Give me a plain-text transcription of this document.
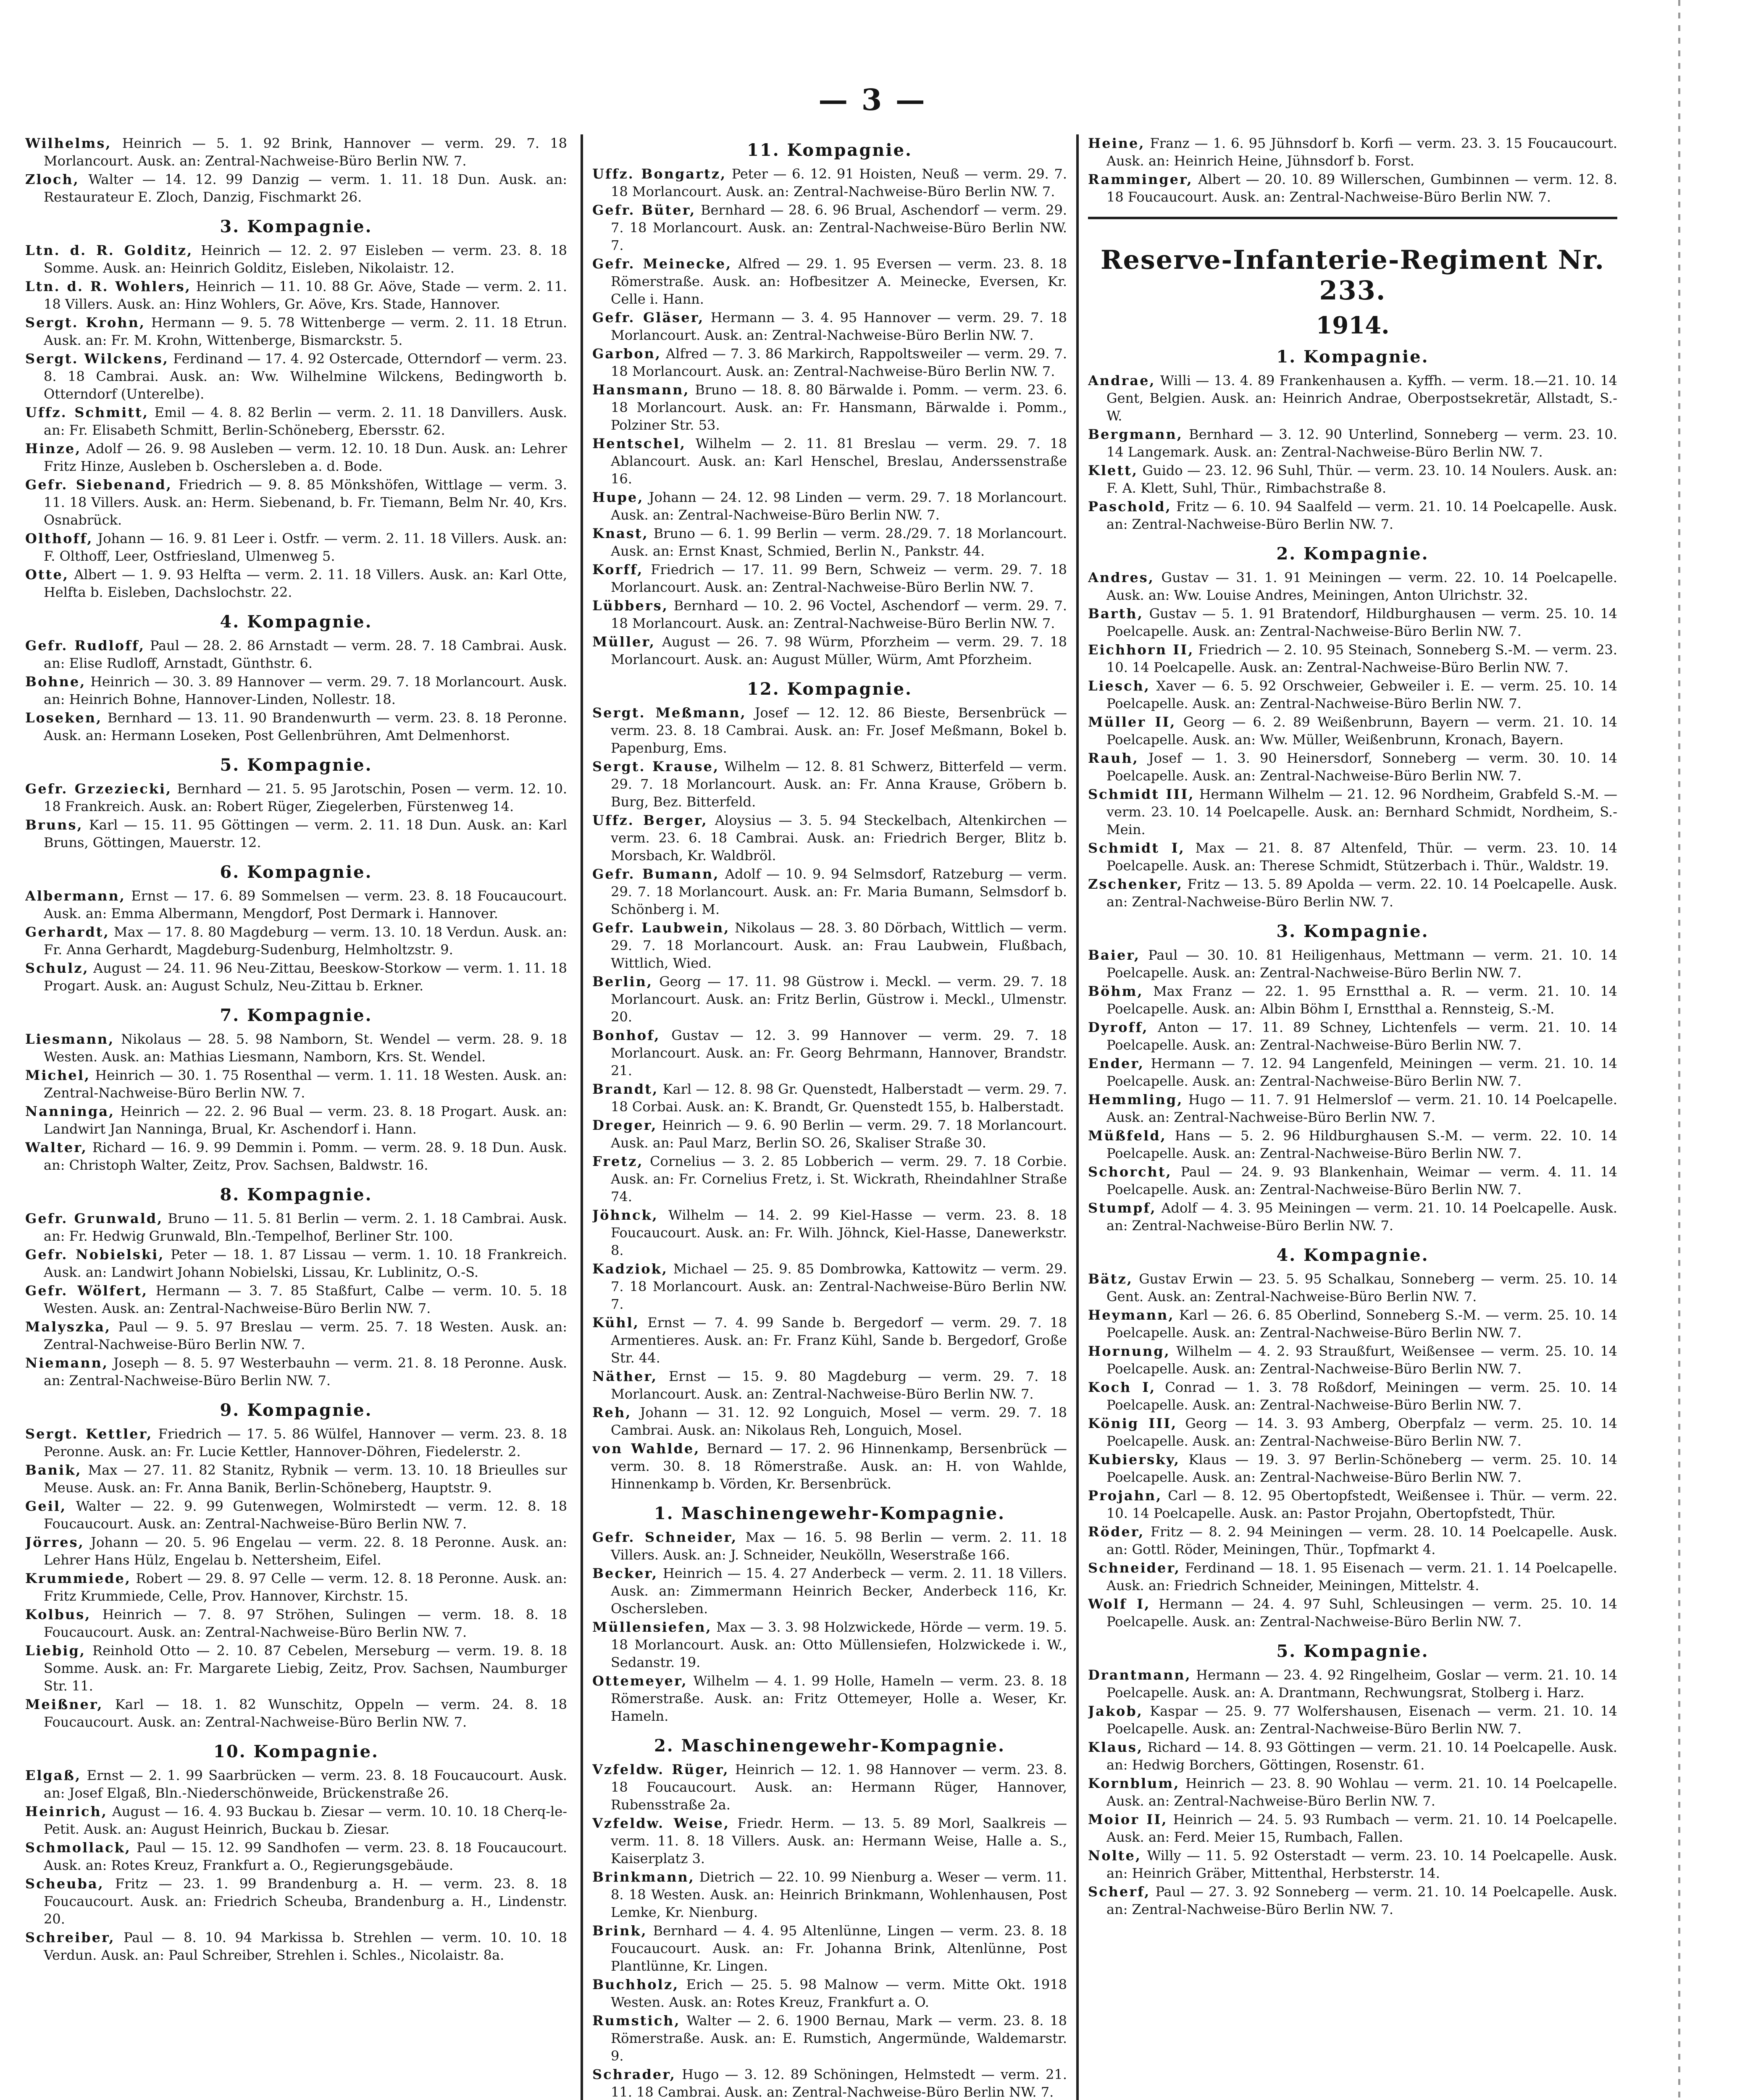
— 3 —

Wilhelms, Heinrich — 5. 1. 92 Brink, Hannover — verm. 29. 7. 18 Morlancourt. Ausk. an: Zentral-Nachweise-Büro Berlin NW. 7.

Zloch, Walter — 14. 12. 99 Danzig — verm. 1. 11. 18 Dun. Ausk. an: Restaurateur E. Zloch, Danzig, Fischmarkt 26.

3. Kompagnie.

Ltn. d. R. Golditz, Heinrich — 12. 2. 97 Eisleben — verm. 23. 8. 18 Somme. Ausk. an: Heinrich Golditz, Eisleben, Nikolaistr. 12.

Ltn. d. R. Wohlers, Heinrich — 11. 10. 88 Gr. Aöve, Stade — verm. 2. 11. 18 Villers. Ausk. an: Hinz Wohlers, Gr. Aöve, Krs. Stade, Hannover.

Sergt. Krohn, Hermann — 9. 5. 78 Wittenberge — verm. 2. 11. 18 Etrun. Ausk. an: Fr. M. Krohn, Wittenberge, Bismarckstr. 5.

Sergt. Wilckens, Ferdinand — 17. 4. 92 Ostercade, Otterndorf — verm. 23. 8. 18 Cambrai. Ausk. an: Ww. Wilhelmine Wilckens, Bedingworth b. Otterndorf (Unterelbe).

Uffz. Schmitt, Emil — 4. 8. 82 Berlin — verm. 2. 11. 18 Danvillers. Ausk. an: Fr. Elisabeth Schmitt, Berlin-Schöneberg, Ebersstr. 62.

Hinze, Adolf — 26. 9. 98 Ausleben — verm. 12. 10. 18 Dun. Ausk. an: Lehrer Fritz Hinze, Ausleben b. Oschersleben a. d. Bode.

Gefr. Siebenand, Friedrich — 9. 8. 85 Mönkshöfen, Wittlage — verm. 3. 11. 18 Villers. Ausk. an: Herm. Siebenand, b. Fr. Tiemann, Belm Nr. 40, Krs. Osnabrück.

Olthoff, Johann — 16. 9. 81 Leer i. Ostfr. — verm. 2. 11. 18 Villers. Ausk. an: F. Olthoff, Leer, Ostfriesland, Ulmenweg 5.

Otte, Albert — 1. 9. 93 Helfta — verm. 2. 11. 18 Villers. Ausk. an: Karl Otte, Helfta b. Eisleben, Dachslochstr. 22.

4. Kompagnie.

Gefr. Rudloff, Paul — 28. 2. 86 Arnstadt — verm. 28. 7. 18 Cambrai. Ausk. an: Elise Rudloff, Arnstadt, Günthstr. 6.

Bohne, Heinrich — 30. 3. 89 Hannover — verm. 29. 7. 18 Morlancourt. Ausk. an: Heinrich Bohne, Hannover-Linden, Nollestr. 18.

Loseken, Bernhard — 13. 11. 90 Brandenwurth — verm. 23. 8. 18 Peronne. Ausk. an: Hermann Loseken, Post Gellenbrühren, Amt Delmenhorst.

5. Kompagnie.

Gefr. Grzeziecki, Bernhard — 21. 5. 95 Jarotschin, Posen — verm. 12. 10. 18 Frankreich. Ausk. an: Robert Rüger, Ziegelerben, Fürstenweg 14.

Bruns, Karl — 15. 11. 95 Göttingen — verm. 2. 11. 18 Dun. Ausk. an: Karl Bruns, Göttingen, Mauerstr. 12.

6. Kompagnie.

Albermann, Ernst — 17. 6. 89 Sommelsen — verm. 23. 8. 18 Foucaucourt. Ausk. an: Emma Albermann, Mengdorf, Post Dermark i. Hannover.

Gerhardt, Max — 17. 8. 80 Magdeburg — verm. 13. 10. 18 Verdun. Ausk. an: Fr. Anna Gerhardt, Magdeburg-Sudenburg, Helmholtzstr. 9.

Schulz, August — 24. 11. 96 Neu-Zittau, Beeskow-Storkow — verm. 1. 11. 18 Progart. Ausk. an: August Schulz, Neu-Zittau b. Erkner.

7. Kompagnie.

Liesmann, Nikolaus — 28. 5. 98 Namborn, St. Wendel — verm. 28. 9. 18 Westen. Ausk. an: Mathias Liesmann, Namborn, Krs. St. Wendel.

Michel, Heinrich — 30. 1. 75 Rosenthal — verm. 1. 11. 18 Westen. Ausk. an: Zentral-Nachweise-Büro Berlin NW. 7.

Nanninga, Heinrich — 22. 2. 96 Bual — verm. 23. 8. 18 Progart. Ausk. an: Landwirt Jan Nanninga, Brual, Kr. Aschendorf i. Hann.

Walter, Richard — 16. 9. 99 Demmin i. Pomm. — verm. 28. 9. 18 Dun. Ausk. an: Christoph Walter, Zeitz, Prov. Sachsen, Baldwstr. 16.

8. Kompagnie.

Gefr. Grunwald, Bruno — 11. 5. 81 Berlin — verm. 2. 1. 18 Cambrai. Ausk. an: Fr. Hedwig Grunwald, Bln.-Tempelhof, Berliner Str. 100.

Gefr. Nobielski, Peter — 18. 1. 87 Lissau — verm. 1. 10. 18 Frankreich. Ausk. an: Landwirt Johann Nobielski, Lissau, Kr. Lublinitz, O.-S.

Gefr. Wölfert, Hermann — 3. 7. 85 Staßfurt, Calbe — verm. 10. 5. 18 Westen. Ausk. an: Zentral-Nachweise-Büro Berlin NW. 7.

Malyszka, Paul — 9. 5. 97 Breslau — verm. 25. 7. 18 Westen. Ausk. an: Zentral-Nachweise-Büro Berlin NW. 7.

Niemann, Joseph — 8. 5. 97 Westerbauhn — verm. 21. 8. 18 Peronne. Ausk. an: Zentral-Nachweise-Büro Berlin NW. 7.

9. Kompagnie.

Sergt. Kettler, Friedrich — 17. 5. 86 Wülfel, Hannover — verm. 23. 8. 18 Peronne. Ausk. an: Fr. Lucie Kettler, Hannover-Döhren, Fiedelerstr. 2.

Banik, Max — 27. 11. 82 Stanitz, Rybnik — verm. 13. 10. 18 Brieulles sur Meuse. Ausk. an: Fr. Anna Banik, Berlin-Schöneberg, Hauptstr. 9.

Geil, Walter — 22. 9. 99 Gutenwegen, Wolmirstedt — verm. 12. 8. 18 Foucaucourt. Ausk. an: Zentral-Nachweise-Büro Berlin NW. 7.

Jörres, Johann — 20. 5. 96 Engelau — verm. 22. 8. 18 Peronne. Ausk. an: Lehrer Hans Hülz, Engelau b. Nettersheim, Eifel.

Krummiede, Robert — 29. 8. 97 Celle — verm. 12. 8. 18 Peronne. Ausk. an: Fritz Krummiede, Celle, Prov. Hannover, Kirchstr. 15.

Kolbus, Heinrich — 7. 8. 97 Ströhen, Sulingen — verm. 18. 8. 18 Foucaucourt. Ausk. an: Zentral-Nachweise-Büro Berlin NW. 7.

Liebig, Reinhold Otto — 2. 10. 87 Cebelen, Merseburg — verm. 19. 8. 18 Somme. Ausk. an: Fr. Margarete Liebig, Zeitz, Prov. Sachsen, Naumburger Str. 11.

Meißner, Karl — 18. 1. 82 Wunschitz, Oppeln — verm. 24. 8. 18 Foucaucourt. Ausk. an: Zentral-Nachweise-Büro Berlin NW. 7.

10. Kompagnie.

Elgaß, Ernst — 2. 1. 99 Saarbrücken — verm. 23. 8. 18 Foucaucourt. Ausk. an: Josef Elgaß, Bln.-Niederschönweide, Brückenstraße 26.

Heinrich, August — 16. 4. 93 Buckau b. Ziesar — verm. 10. 10. 18 Cherq-le-Petit. Ausk. an: August Heinrich, Buckau b. Ziesar.

Schmollack, Paul — 15. 12. 99 Sandhofen — verm. 23. 8. 18 Foucaucourt. Ausk. an: Rotes Kreuz, Frankfurt a. O., Regierungsgebäude.

Scheuba, Fritz — 23. 1. 99 Brandenburg a. H. — verm. 23. 8. 18 Foucaucourt. Ausk. an: Friedrich Scheuba, Brandenburg a. H., Lindenstr. 20.

Schreiber, Paul — 8. 10. 94 Markissa b. Strehlen — verm. 10. 10. 18 Verdun. Ausk. an: Paul Schreiber, Strehlen i. Schles., Nicolaistr. 8a.

11. Kompagnie.

Uffz. Bongartz, Peter — 6. 12. 91 Hoisten, Neuß — verm. 29. 7. 18 Morlancourt. Ausk. an: Zentral-Nachweise-Büro Berlin NW. 7.

Gefr. Büter, Bernhard — 28. 6. 96 Brual, Aschendorf — verm. 29. 7. 18 Morlancourt. Ausk. an: Zentral-Nachweise-Büro Berlin NW. 7.

Gefr. Meinecke, Alfred — 29. 1. 95 Eversen — verm. 23. 8. 18 Römerstraße. Ausk. an: Hofbesitzer A. Meinecke, Eversen, Kr. Celle i. Hann.

Gefr. Gläser, Hermann — 3. 4. 95 Hannover — verm. 29. 7. 18 Morlancourt. Ausk. an: Zentral-Nachweise-Büro Berlin NW. 7.

Garbon, Alfred — 7. 3. 86 Markirch, Rappoltsweiler — verm. 29. 7. 18 Morlancourt. Ausk. an: Zentral-Nachweise-Büro Berlin NW. 7.

Hansmann, Bruno — 18. 8. 80 Bärwalde i. Pomm. — verm. 23. 6. 18 Morlancourt. Ausk. an: Fr. Hansmann, Bärwalde i. Pomm., Polziner Str. 53.

Hentschel, Wilhelm — 2. 11. 81 Breslau — verm. 29. 7. 18 Ablancourt. Ausk. an: Karl Henschel, Breslau, Anderssenstraße 16.

Hupe, Johann — 24. 12. 98 Linden — verm. 29. 7. 18 Morlancourt. Ausk. an: Zentral-Nachweise-Büro Berlin NW. 7.

Knast, Bruno — 6. 1. 99 Berlin — verm. 28./29. 7. 18 Morlancourt. Ausk. an: Ernst Knast, Schmied, Berlin N., Pankstr. 44.

Korff, Friedrich — 17. 11. 99 Bern, Schweiz — verm. 29. 7. 18 Morlancourt. Ausk. an: Zentral-Nachweise-Büro Berlin NW. 7.

Lübbers, Bernhard — 10. 2. 96 Voctel, Aschendorf — verm. 29. 7. 18 Morlancourt. Ausk. an: Zentral-Nachweise-Büro Berlin NW. 7.

Müller, August — 26. 7. 98 Würm, Pforzheim — verm. 29. 7. 18 Morlancourt. Ausk. an: August Müller, Würm, Amt Pforzheim.

12. Kompagnie.

Sergt. Meßmann, Josef — 12. 12. 86 Bieste, Bersenbrück — verm. 23. 8. 18 Cambrai. Ausk. an: Fr. Josef Meßmann, Bokel b. Papenburg, Ems.

Sergt. Krause, Wilhelm — 12. 8. 81 Schwerz, Bitterfeld — verm. 29. 7. 18 Morlancourt. Ausk. an: Fr. Anna Krause, Gröbern b. Burg, Bez. Bitterfeld.

Uffz. Berger, Aloysius — 3. 5. 94 Steckelbach, Altenkirchen — verm. 23. 6. 18 Cambrai. Ausk. an: Friedrich Berger, Blitz b. Morsbach, Kr. Waldbröl.

Gefr. Bumann, Adolf — 10. 9. 94 Selmsdorf, Ratzeburg — verm. 29. 7. 18 Morlancourt. Ausk. an: Fr. Maria Bumann, Selmsdorf b. Schönberg i. M.

Gefr. Laubwein, Nikolaus — 28. 3. 80 Dörbach, Wittlich — verm. 29. 7. 18 Morlancourt. Ausk. an: Frau Laubwein, Flußbach, Wittlich, Wied.

Berlin, Georg — 17. 11. 98 Güstrow i. Meckl. — verm. 29. 7. 18 Morlancourt. Ausk. an: Fritz Berlin, Güstrow i. Meckl., Ulmenstr. 20.

Bonhof, Gustav — 12. 3. 99 Hannover — verm. 29. 7. 18 Morlancourt. Ausk. an: Fr. Georg Behrmann, Hannover, Brandstr. 21.

Brandt, Karl — 12. 8. 98 Gr. Quenstedt, Halberstadt — verm. 29. 7. 18 Corbai. Ausk. an: K. Brandt, Gr. Quenstedt 155, b. Halberstadt.

Dreger, Heinrich — 9. 6. 90 Berlin — verm. 29. 7. 18 Morlancourt. Ausk. an: Paul Marz, Berlin SO. 26, Skaliser Straße 30.

Fretz, Cornelius — 3. 2. 85 Lobberich — verm. 29. 7. 18 Corbie. Ausk. an: Fr. Cornelius Fretz, i. St. Wickrath, Rheindahlner Straße 74.

Jöhnck, Wilhelm — 14. 2. 99 Kiel-Hasse — verm. 23. 8. 18 Foucaucourt. Ausk. an: Fr. Wilh. Jöhnck, Kiel-Hasse, Danewerkstr. 8.

Kadziok, Michael — 25. 9. 85 Dombrowka, Kattowitz — verm. 29. 7. 18 Morlancourt. Ausk. an: Zentral-Nachweise-Büro Berlin NW. 7.

Kühl, Ernst — 7. 4. 99 Sande b. Bergedorf — verm. 29. 7. 18 Armentieres. Ausk. an: Fr. Franz Kühl, Sande b. Bergedorf, Große Str. 44.

Näther, Ernst — 15. 9. 80 Magdeburg — verm. 29. 7. 18 Morlancourt. Ausk. an: Zentral-Nachweise-Büro Berlin NW. 7.

Reh, Johann — 31. 12. 92 Longuich, Mosel — verm. 29. 7. 18 Cambrai. Ausk. an: Nikolaus Reh, Longuich, Mosel.

von Wahlde, Bernard — 17. 2. 96 Hinnenkamp, Bersenbrück — verm. 30. 8. 18 Römerstraße. Ausk. an: H. von Wahlde, Hinnenkamp b. Vörden, Kr. Bersenbrück.

1. Maschinengewehr-Kompagnie.

Gefr. Schneider, Max — 16. 5. 98 Berlin — verm. 2. 11. 18 Villers. Ausk. an: J. Schneider, Neukölln, Weserstraße 166.

Becker, Heinrich — 15. 4. 27 Anderbeck — verm. 2. 11. 18 Villers. Ausk. an: Zimmermann Heinrich Becker, Anderbeck 116, Kr. Oschersleben.

Müllensiefen, Max — 3. 3. 98 Holzwickede, Hörde — verm. 19. 5. 18 Morlancourt. Ausk. an: Otto Müllensiefen, Holzwickede i. W., Sedanstr. 19.

Ottemeyer, Wilhelm — 4. 1. 99 Holle, Hameln — verm. 23. 8. 18 Römerstraße. Ausk. an: Fritz Ottemeyer, Holle a. Weser, Kr. Hameln.

2. Maschinengewehr-Kompagnie.

Vzfeldw. Rüger, Heinrich — 12. 1. 98 Hannover — verm. 23. 8. 18 Foucaucourt. Ausk. an: Hermann Rüger, Hannover, Rubensstraße 2a.

Vzfeldw. Weise, Friedr. Herm. — 13. 5. 89 Morl, Saalkreis — verm. 11. 8. 18 Villers. Ausk. an: Hermann Weise, Halle a. S., Kaiserplatz 3.

Brinkmann, Dietrich — 22. 10. 99 Nienburg a. Weser — verm. 11. 8. 18 Westen. Ausk. an: Heinrich Brinkmann, Wohlenhausen, Post Lemke, Kr. Nienburg.

Brink, Bernhard — 4. 4. 95 Altenlünne, Lingen — verm. 23. 8. 18 Foucaucourt. Ausk. an: Fr. Johanna Brink, Altenlünne, Post Plantlünne, Kr. Lingen.

Buchholz, Erich — 25. 5. 98 Malnow — verm. Mitte Okt. 1918 Westen. Ausk. an: Rotes Kreuz, Frankfurt a. O.

Rumstich, Walter — 2. 6. 1900 Bernau, Mark — verm. 23. 8. 18 Römerstraße. Ausk. an: E. Rumstich, Angermünde, Waldemarstr. 9.

Schrader, Hugo — 3. 12. 89 Schöningen, Helmstedt — verm. 21. 11. 18 Cambrai. Ausk. an: Zentral-Nachweise-Büro Berlin NW. 7.

Heine, Franz — 1. 6. 95 Jühnsdorf b. Korfi — verm. 23. 3. 15 Foucaucourt. Ausk. an: Heinrich Heine, Jühnsdorf b. Forst.

Ramminger, Albert — 20. 10. 89 Willerschen, Gumbinnen — verm. 12. 8. 18 Foucaucourt. Ausk. an: Zentral-Nachweise-Büro Berlin NW. 7.

Reserve-Infanterie-Regiment Nr. 233.
1914.
1. Kompagnie.

Andrae, Willi — 13. 4. 89 Frankenhausen a. Kyffh. — verm. 18.—21. 10. 14 Gent, Belgien. Ausk. an: Heinrich Andrae, Oberpostsekretär, Allstadt, S.-W.

Bergmann, Bernhard — 3. 12. 90 Unterlind, Sonneberg — verm. 23. 10. 14 Langemark. Ausk. an: Zentral-Nachweise-Büro Berlin NW. 7.

Klett, Guido — 23. 12. 96 Suhl, Thür. — verm. 23. 10. 14 Noulers. Ausk. an: F. A. Klett, Suhl, Thür., Rimbachstraße 8.

Paschold, Fritz — 6. 10. 94 Saalfeld — verm. 21. 10. 14 Poelcapelle. Ausk. an: Zentral-Nachweise-Büro Berlin NW. 7.

2. Kompagnie.

Andres, Gustav — 31. 1. 91 Meiningen — verm. 22. 10. 14 Poelcapelle. Ausk. an: Ww. Louise Andres, Meiningen, Anton Ulrichstr. 32.

Barth, Gustav — 5. 1. 91 Bratendorf, Hildburghausen — verm. 25. 10. 14 Poelcapelle. Ausk. an: Zentral-Nachweise-Büro Berlin NW. 7.

Eichhorn II, Friedrich — 2. 10. 95 Steinach, Sonneberg S.-M. — verm. 23. 10. 14 Poelcapelle. Ausk. an: Zentral-Nachweise-Büro Berlin NW. 7.

Liesch, Xaver — 6. 5. 92 Orschweier, Gebweiler i. E. — verm. 25. 10. 14 Poelcapelle. Ausk. an: Zentral-Nachweise-Büro Berlin NW. 7.

Müller II, Georg — 6. 2. 89 Weißenbrunn, Bayern — verm. 21. 10. 14 Poelcapelle. Ausk. an: Ww. Müller, Weißenbrunn, Kronach, Bayern.

Rauh, Josef — 1. 3. 90 Heinersdorf, Sonneberg — verm. 30. 10. 14 Poelcapelle. Ausk. an: Zentral-Nachweise-Büro Berlin NW. 7.

Schmidt III, Hermann Wilhelm — 21. 12. 96 Nordheim, Grabfeld S.-M. — verm. 23. 10. 14 Poelcapelle. Ausk. an: Bernhard Schmidt, Nordheim, S.-Mein.

Schmidt I, Max — 21. 8. 87 Altenfeld, Thür. — verm. 23. 10. 14 Poelcapelle. Ausk. an: Therese Schmidt, Stützerbach i. Thür., Waldstr. 19.

Zschenker, Fritz — 13. 5. 89 Apolda — verm. 22. 10. 14 Poelcapelle. Ausk. an: Zentral-Nachweise-Büro Berlin NW. 7.

3. Kompagnie.

Baier, Paul — 30. 10. 81 Heiligenhaus, Mettmann — verm. 21. 10. 14 Poelcapelle. Ausk. an: Zentral-Nachweise-Büro Berlin NW. 7.

Böhm, Max Franz — 22. 1. 95 Ernstthal a. R. — verm. 21. 10. 14 Poelcapelle. Ausk. an: Albin Böhm I, Ernstthal a. Rennsteig, S.-M.

Dyroff, Anton — 17. 11. 89 Schney, Lichtenfels — verm. 21. 10. 14 Poelcapelle. Ausk. an: Zentral-Nachweise-Büro Berlin NW. 7.

Ender, Hermann — 7. 12. 94 Langenfeld, Meiningen — verm. 21. 10. 14 Poelcapelle. Ausk. an: Zentral-Nachweise-Büro Berlin NW. 7.

Hemmling, Hugo — 11. 7. 91 Helmerslof — verm. 21. 10. 14 Poelcapelle. Ausk. an: Zentral-Nachweise-Büro Berlin NW. 7.

Müßfeld, Hans — 5. 2. 96 Hildburghausen S.-M. — verm. 22. 10. 14 Poelcapelle. Ausk. an: Zentral-Nachweise-Büro Berlin NW. 7.

Schorcht, Paul — 24. 9. 93 Blankenhain, Weimar — verm. 4. 11. 14 Poelcapelle. Ausk. an: Zentral-Nachweise-Büro Berlin NW. 7.

Stumpf, Adolf — 4. 3. 95 Meiningen — verm. 21. 10. 14 Poelcapelle. Ausk. an: Zentral-Nachweise-Büro Berlin NW. 7.

4. Kompagnie.

Bätz, Gustav Erwin — 23. 5. 95 Schalkau, Sonneberg — verm. 25. 10. 14 Gent. Ausk. an: Zentral-Nachweise-Büro Berlin NW. 7.

Heymann, Karl — 26. 6. 85 Oberlind, Sonneberg S.-M. — verm. 25. 10. 14 Poelcapelle. Ausk. an: Zentral-Nachweise-Büro Berlin NW. 7.

Hornung, Wilhelm — 4. 2. 93 Straußfurt, Weißensee — verm. 25. 10. 14 Poelcapelle. Ausk. an: Zentral-Nachweise-Büro Berlin NW. 7.

Koch I, Conrad — 1. 3. 78 Roßdorf, Meiningen — verm. 25. 10. 14 Poelcapelle. Ausk. an: Zentral-Nachweise-Büro Berlin NW. 7.

König III, Georg — 14. 3. 93 Amberg, Oberpfalz — verm. 25. 10. 14 Poelcapelle. Ausk. an: Zentral-Nachweise-Büro Berlin NW. 7.

Kubiersky, Klaus — 19. 3. 97 Berlin-Schöneberg — verm. 25. 10. 14 Poelcapelle. Ausk. an: Zentral-Nachweise-Büro Berlin NW. 7.

Projahn, Carl — 8. 12. 95 Obertopfstedt, Weißensee i. Thür. — verm. 22. 10. 14 Poelcapelle. Ausk. an: Pastor Projahn, Obertopfstedt, Thür.

Röder, Fritz — 8. 2. 94 Meiningen — verm. 28. 10. 14 Poelcapelle. Ausk. an: Gottl. Röder, Meiningen, Thür., Topfmarkt 4.

Schneider, Ferdinand — 18. 1. 95 Eisenach — verm. 21. 1. 14 Poelcapelle. Ausk. an: Friedrich Schneider, Meiningen, Mittelstr. 4.

Wolf I, Hermann — 24. 4. 97 Suhl, Schleusingen — verm. 25. 10. 14 Poelcapelle. Ausk. an: Zentral-Nachweise-Büro Berlin NW. 7.

5. Kompagnie.

Drantmann, Hermann — 23. 4. 92 Ringelheim, Goslar — verm. 21. 10. 14 Poelcapelle. Ausk. an: A. Drantmann, Rechwungsrat, Stolberg i. Harz.

Jakob, Kaspar — 25. 9. 77 Wolfershausen, Eisenach — verm. 21. 10. 14 Poelcapelle. Ausk. an: Zentral-Nachweise-Büro Berlin NW. 7.

Klaus, Richard — 14. 8. 93 Göttingen — verm. 21. 10. 14 Poelcapelle. Ausk. an: Hedwig Borchers, Göttingen, Rosenstr. 61.

Kornblum, Heinrich — 23. 8. 90 Wohlau — verm. 21. 10. 14 Poelcapelle. Ausk. an: Zentral-Nachweise-Büro Berlin NW. 7.

Moior II, Heinrich — 24. 5. 93 Rumbach — verm. 21. 10. 14 Poelcapelle. Ausk. an: Ferd. Meier 15, Rumbach, Fallen.

Nolte, Willy — 11. 5. 92 Osterstadt — verm. 23. 10. 14 Poelcapelle. Ausk. an: Heinrich Gräber, Mittenthal, Herbsterstr. 14.

Scherf, Paul — 27. 3. 92 Sonneberg — verm. 21. 10. 14 Poelcapelle. Ausk. an: Zentral-Nachweise-Büro Berlin NW. 7.
